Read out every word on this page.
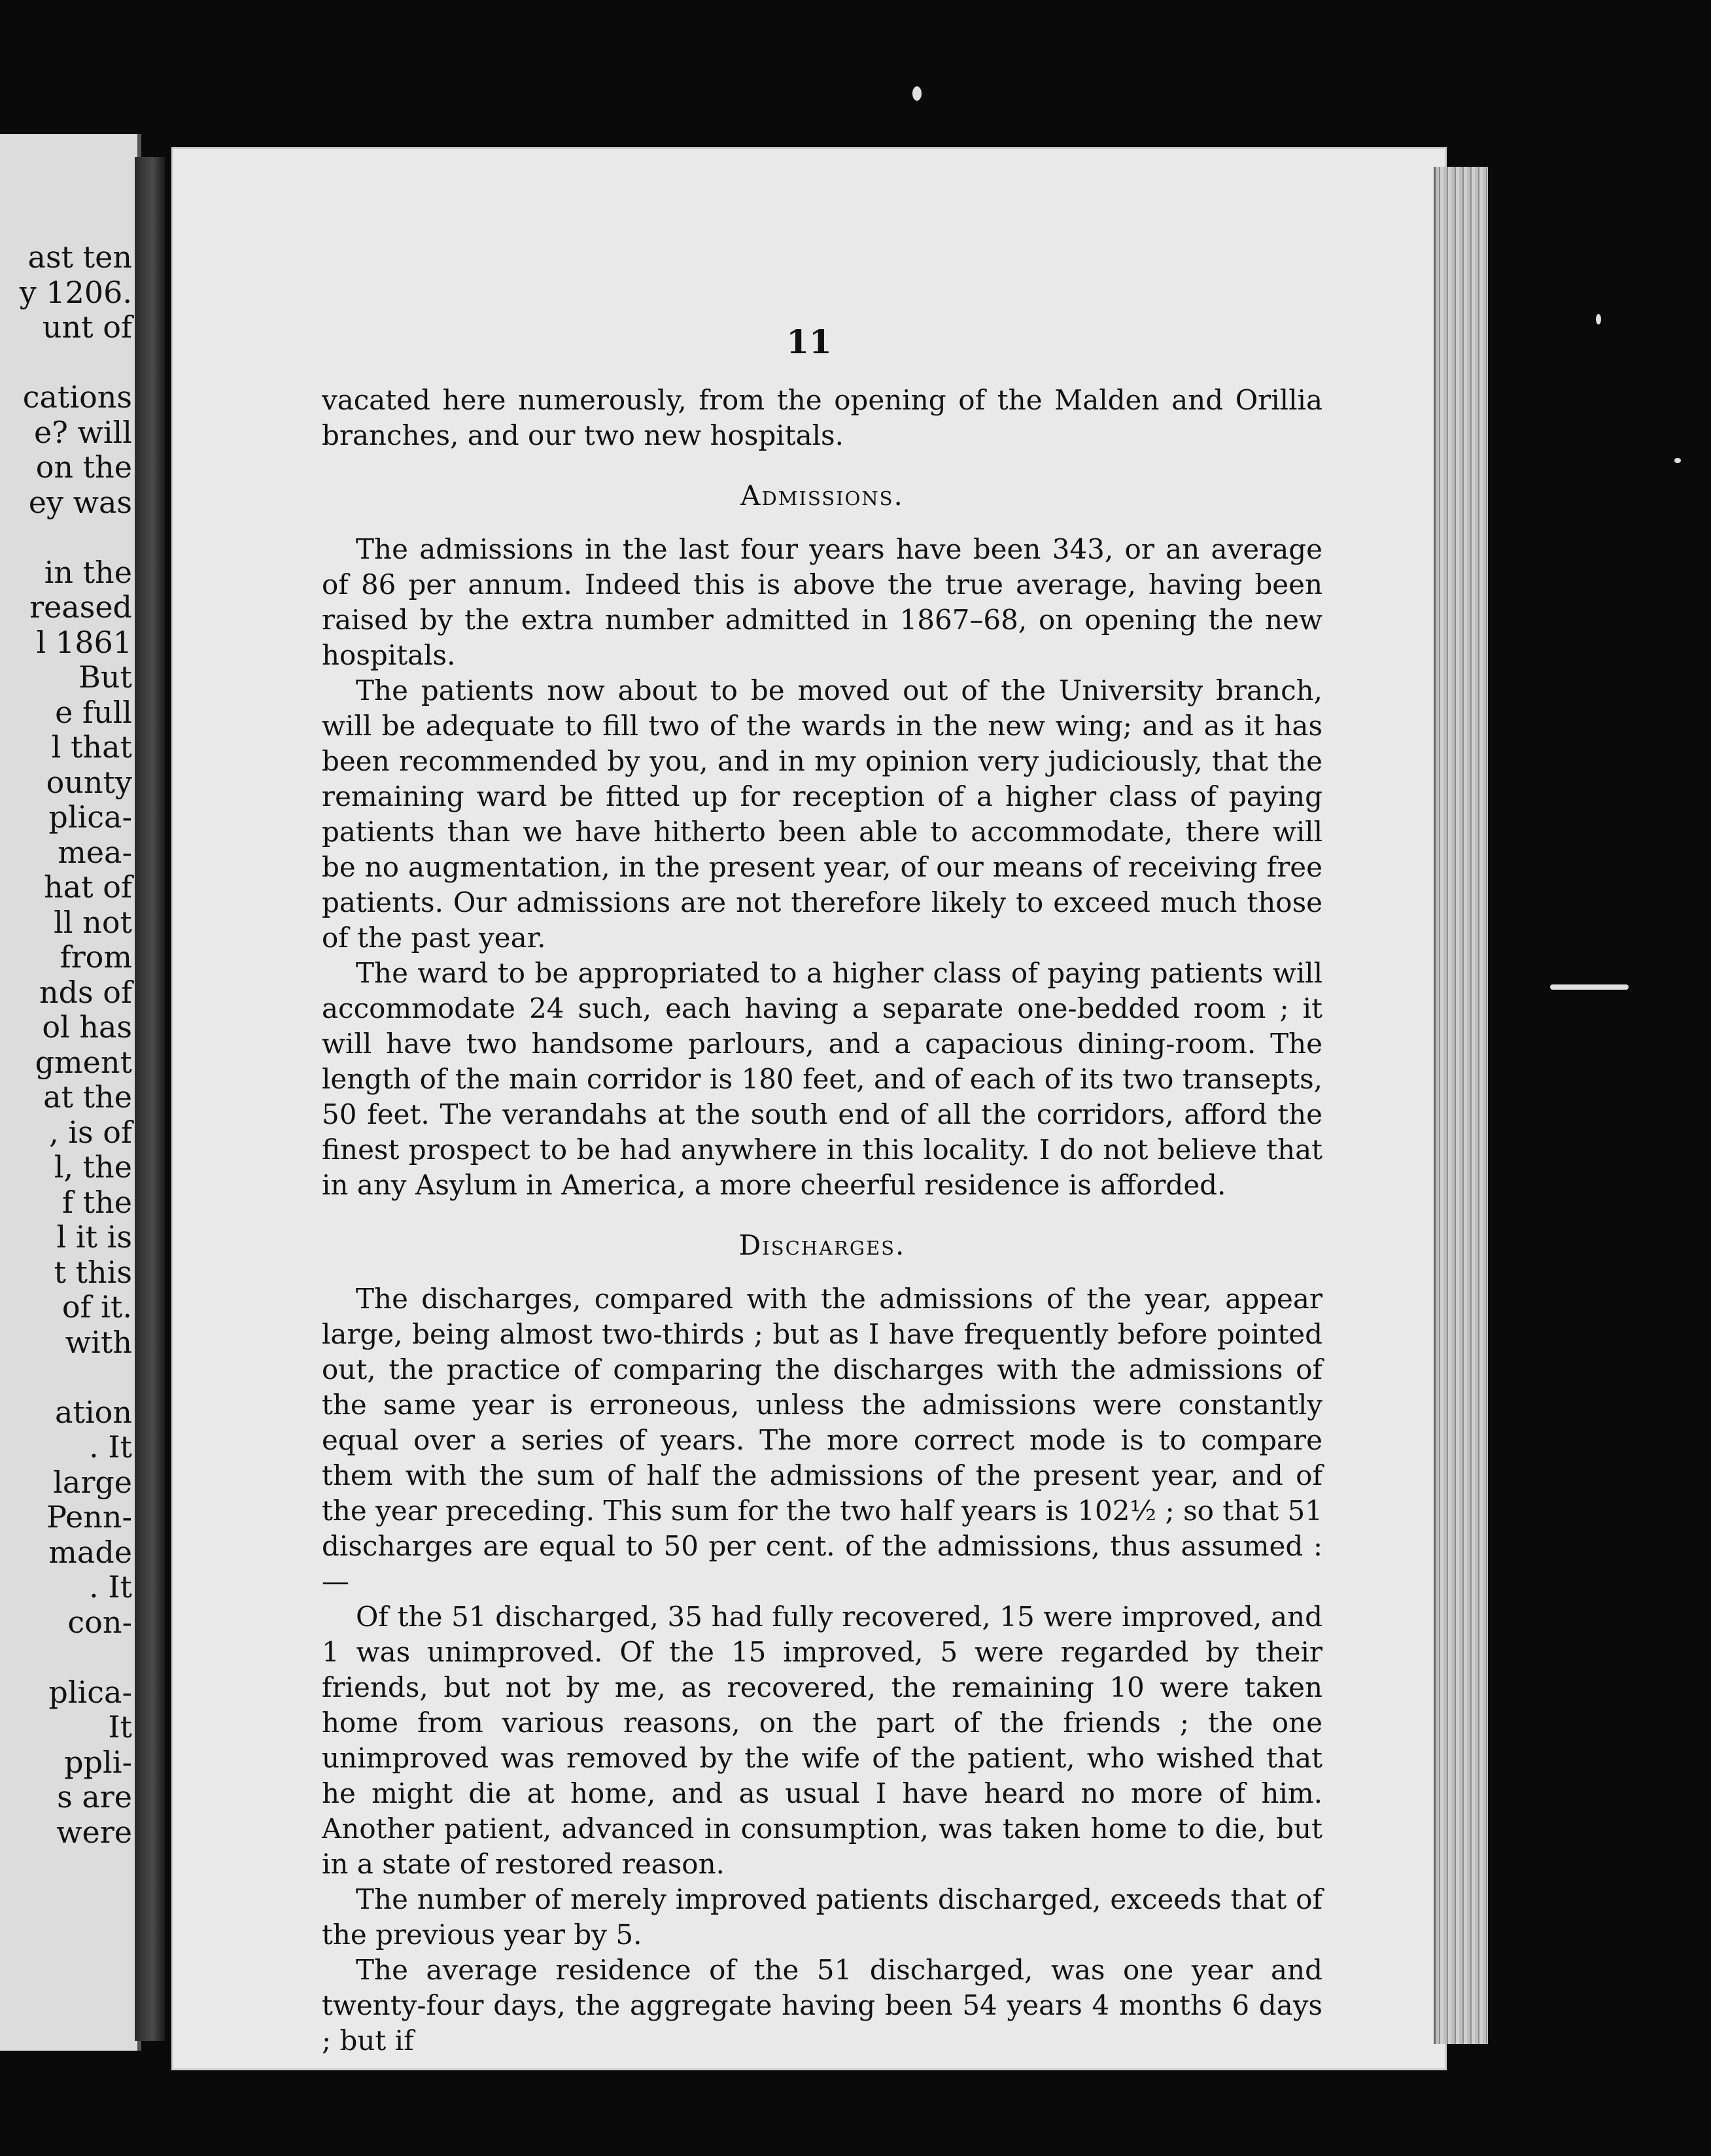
ast ten
y 1206.
unt of
cations
e? will
on the
ey was
in the
reased
l 1861
But
e full
l that
ounty
plica-
mea-
hat of
ll not
from
nds of
ol has
gment
at the
, is of
l, the
f the
l it is
t this
of it.
with
ation
. It
large
Penn-
made
. It
con-
plica-
It
ppli-
s are
were
11

vacated here numerously, from the opening of the Malden and Orillia branches, and our two new hospitals.

Admissions.

The admissions in the last four years have been 343, or an average of 86 per annum. Indeed this is above the true average, having been raised by the extra number admitted in 1867–68, on opening the new hospitals.

The patients now about to be moved out of the University branch, will be adequate to fill two of the wards in the new wing; and as it has been recommended by you, and in my opinion very judiciously, that the remaining ward be fitted up for reception of a higher class of paying patients than we have hitherto been able to accommodate, there will be no augmentation, in the present year, of our means of receiving free patients. Our admissions are not therefore likely to exceed much those of the past year.

The ward to be appropriated to a higher class of paying patients will accommodate 24 such, each having a separate one-bedded room ; it will have two handsome parlours, and a capacious dining-room. The length of the main corridor is 180 feet, and of each of its two transepts, 50 feet. The verandahs at the south end of all the corridors, afford the finest prospect to be had anywhere in this locality. I do not believe that in any Asylum in America, a more cheerful residence is afforded.

Discharges.

The discharges, compared with the admissions of the year, appear large, being almost two-thirds ; but as I have frequently before pointed out, the practice of comparing the discharges with the admissions of the same year is erroneous, unless the admissions were constantly equal over a series of years. The more correct mode is to compare them with the sum of half the admissions of the present year, and of the year preceding. This sum for the two half years is 102½ ; so that 51 discharges are equal to 50 per cent. of the admissions, thus assumed :—

Of the 51 discharged, 35 had fully recovered, 15 were improved, and 1 was unimproved. Of the 15 improved, 5 were regarded by their friends, but not by me, as recovered, the remaining 10 were taken home from various reasons, on the part of the friends ; the one unimproved was removed by the wife of the patient, who wished that he might die at home, and as usual I have heard no more of him. Another patient, advanced in consumption, was taken home to die, but in a state of restored reason.

The number of merely improved patients discharged, exceeds that of the previous year by 5.

The average residence of the 51 discharged, was one year and twenty-four days, the aggregate having been 54 years 4 months 6 days ; but if
